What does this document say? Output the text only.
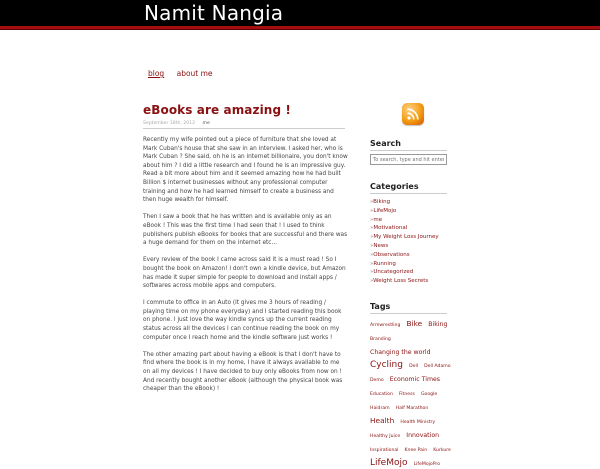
Namit Nangia
blog about me
eBooks are amazing !
September 18th, 2012 me

Recently my wife pointed out a piece of furniture that she loved at Mark Cuban's house that she saw in an interview. I asked her, who is Mark Cuban ? She said, oh he is an internet billionaire, you don't know about him ? I did a little research and I found he is an impressive guy. Read a bit more about him and it seemed amazing how he had built Billion $ internet businesses without any professional computer training and how he had learned himself to create a business and then huge wealth for himself.

Then I saw a book that he has written and is available only as an eBook ! This was the first time I had seen that ! I used to think publishers publish eBooks for books that are successful and there was a huge demand for them on the internet etc...

Every review of the book I came across said it is a must read ! So I bought the book on Amazon! I don't own a kindle device, but Amazon has made it super simple for people to download and install apps / softwares across mobile apps and computers.

I commute to office in an Auto (it gives me 3 hours of reading / playing time on my phone everyday) and I started reading this book on phone. I just love the way kindle syncs up the current reading status across all the devices I can continue reading the book on my computer once I reach home and the kindle software just works !

The other amazing part about having a eBook is that I don't have to find where the book is in my home, I have it always available to me on all my devices ! I have decided to buy only eBooks from now on ! And recently bought another eBook (although the physical book was cheaper than the eBook) !

Search
To search, type and hit enter
Categories
» Biking
» LifeMojo
» me
» Motivational
» My Weight Loss Journey
» News
» Observations
» Running
» Uncategorized
» Weight Loss Secrets
Tags
Armwrestling Bike Biking Branding Changing the world Cycling Dell Dell Adamo Demo Economic Times Education Fitness Google Haidram Half Marathon Health Health Ministry Healthy Juice Innovation Inspirational Knee Pain Kurkure LifeMojo LifeMojoPro
